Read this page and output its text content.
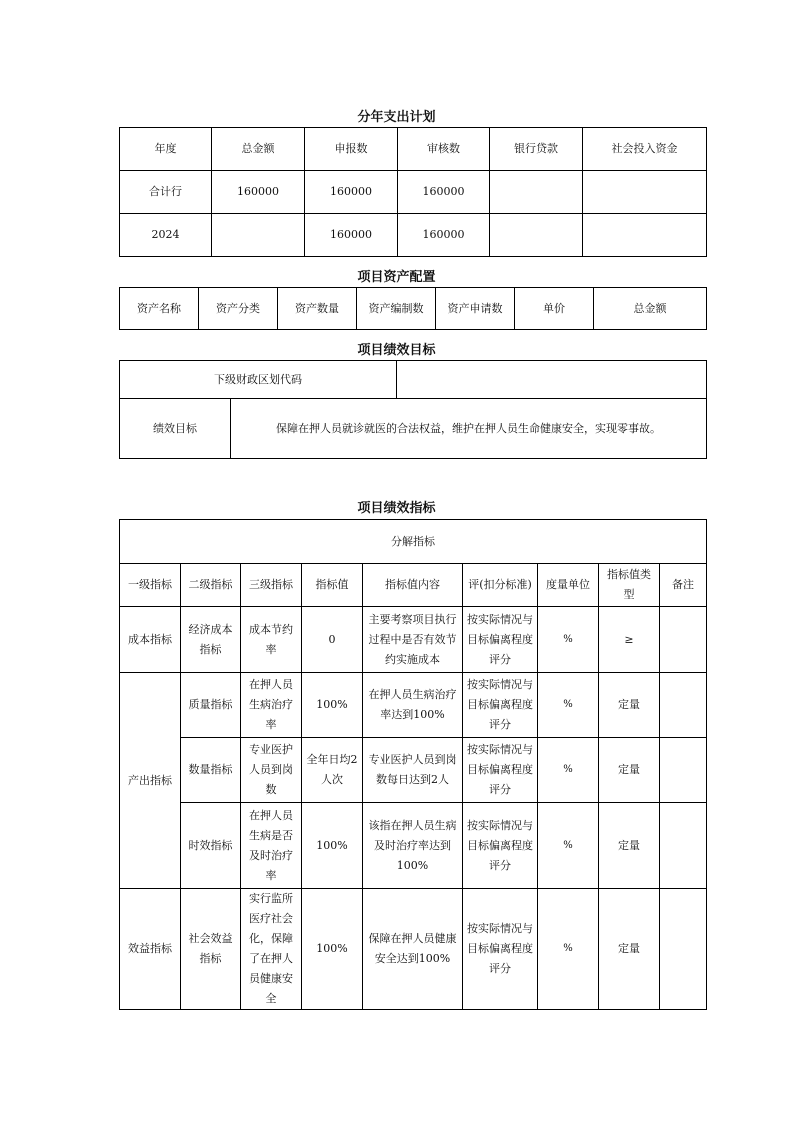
分年支出计划
年度	总金额	申报数	审核数	银行贷款	社会投入资金
合计行	160000	160000	160000		
2024		160000	160000		
项目资产配置
资产名称	资产分类	资产数量	资产编制数	资产申请数	单价	总金额
项目绩效目标
下级财政区划代码		
绩效目标	保障在押人员就诊就医的合法权益，维护在押人员生命健康安全，实现零事故。	
项目绩效指标
分解指标								
一级指标	二级指标	三级指标	指标值	指标值内容	评(扣分标准)	度量单位	指标值类型	备注
成本指标	经济成本指标	成本节约率	0	主要考察项目执行过程中是否有效节约实施成本	按实际情况与目标偏离程度评分	%	≥	
产出指标	质量指标	在押人员生病治疗率	100%	在押人员生病治疗率达到100%	按实际情况与目标偏离程度评分	%	定量	
	数量指标	专业医护人员到岗数	全年日均2人次	专业医护人员到岗数每日达到2人	按实际情况与目标偏离程度评分	%	定量	
	时效指标	在押人员生病是否及时治疗率	100%	该指在押人员生病及时治疗率达到100%	按实际情况与目标偏离程度评分	%	定量	
效益指标	社会效益指标	实行监所医疗社会化，保障了在押人员健康安全	100%	保障在押人员健康安全达到100%	按实际情况与目标偏离程度评分	%	定量	
